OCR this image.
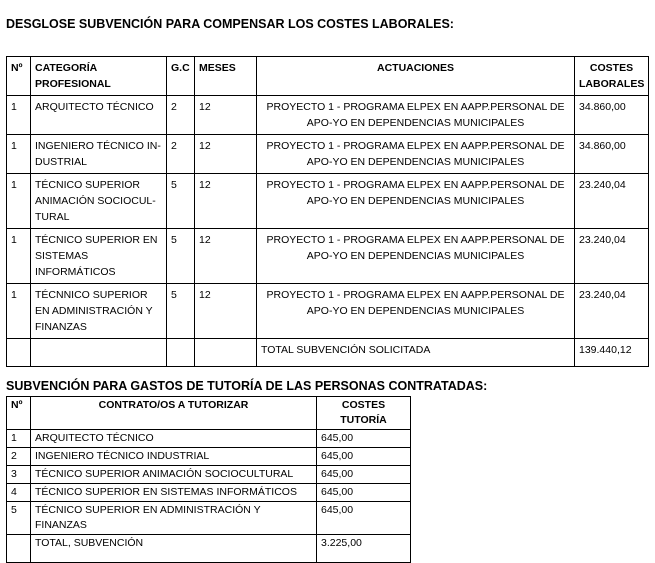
DESGLOSE SUBVENCIÓN PARA COMPENSAR LOS COSTES LABORALES:
Nº	CATEGORÍA PROFESIONAL	G.C	MESES	ACTUACIONES	COSTES LABORALES
1	ARQUITECTO TÉCNICO	2	12	PROYECTO 1 - PROGRAMA ELPEX EN AAPP.PERSONAL DE APO-YO EN DEPENDENCIAS MUNICIPALES	34.860,00
1	INGENIERO TÉCNICO IN-DUSTRIAL	2	12	PROYECTO 1 - PROGRAMA ELPEX EN AAPP.PERSONAL DE APO-YO EN DEPENDENCIAS MUNICIPALES	34.860,00
1	TÉCNICO SUPERIOR ANIMACIÓN SOCIOCUL-TURAL	5	12	PROYECTO 1 - PROGRAMA ELPEX EN AAPP.PERSONAL DE APO-YO EN DEPENDENCIAS MUNICIPALES	23.240,04
1	TÉCNICO SUPERIOR EN SISTEMAS INFORMÁTICOS	5	12	PROYECTO 1 - PROGRAMA ELPEX EN AAPP.PERSONAL DE APO-YO EN DEPENDENCIAS MUNICIPALES	23.240,04
1	TÉCNNICO SUPERIOR EN ADMINISTRACIÓN Y FINANZAS	5	12	PROYECTO 1 - PROGRAMA ELPEX EN AAPP.PERSONAL DE APO-YO EN DEPENDENCIAS MUNICIPALES	23.240,04
				TOTAL SUBVENCIÓN SOLICITADA	139.440,12
SUBVENCIÓN PARA GASTOS DE TUTORÍA DE LAS PERSONAS CONTRATADAS:
Nº	CONTRATO/OS A TUTORIZAR	COSTES TUTORÍA
1	ARQUITECTO TÉCNICO	645,00
2	INGENIERO TÉCNICO INDUSTRIAL	645,00
3	TÉCNICO SUPERIOR ANIMACIÓN SOCIOCULTURAL	645,00
4	TÉCNICO SUPERIOR EN SISTEMAS INFORMÁTICOS	645,00
5	TÉCNICO SUPERIOR EN ADMINISTRACIÓN Y FINANZAS	645,00
	TOTAL, SUBVENCIÓN	3.225,00
